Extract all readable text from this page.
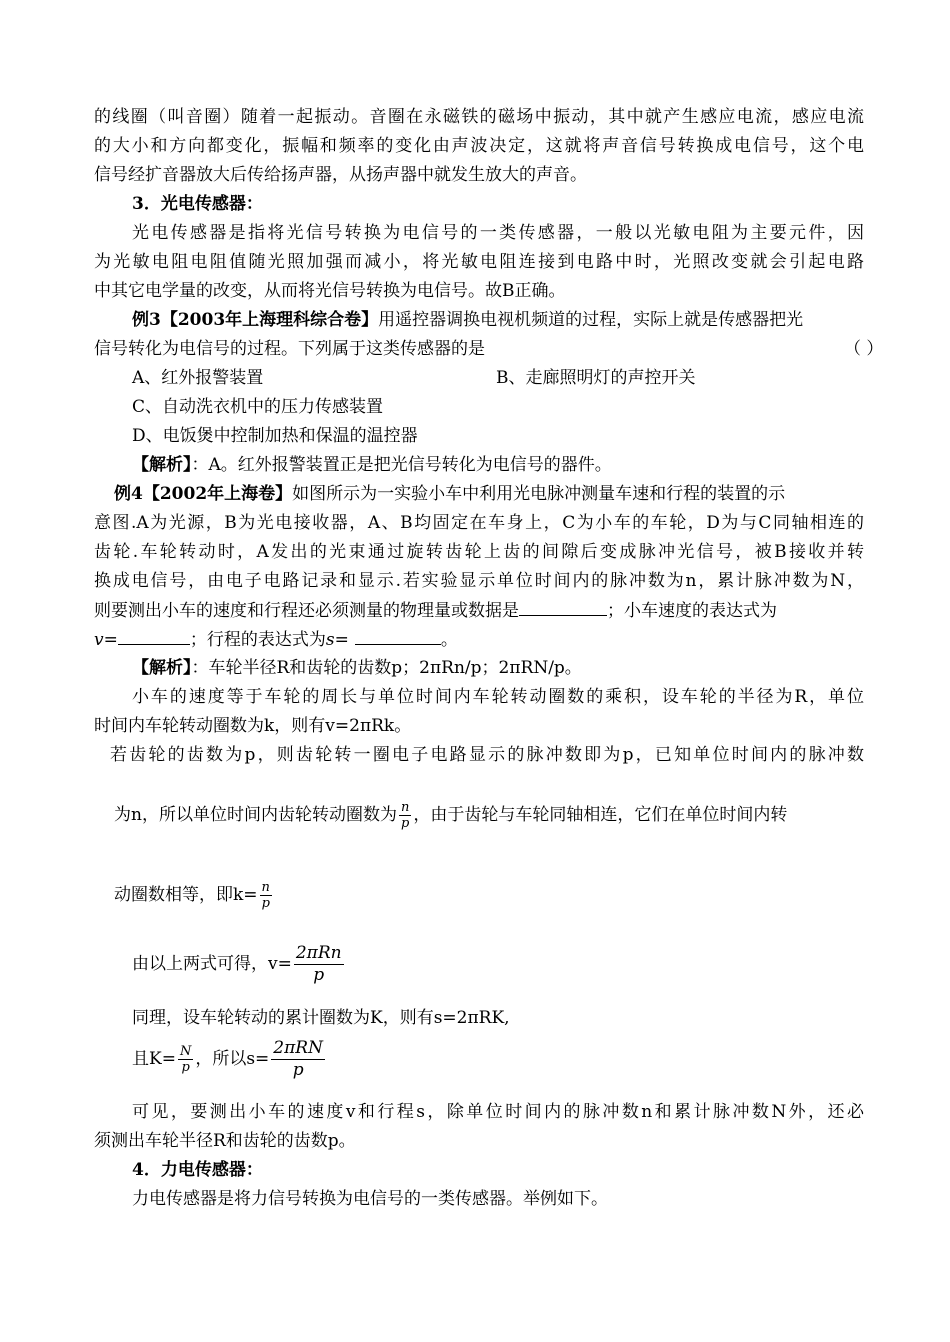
的线圈（叫音圈）随着一起振动。音圈在永磁铁的磁场中振动，其中就产生感应电流，感应电流
的大小和方向都变化，振幅和频率的变化由声波决定，这就将声音信号转换成电信号，这个电
信号经扩音器放大后传给扬声器，从扬声器中就发生放大的声音。
3．光电传感器：
光电传感器是指将光信号转换为电信号的一类传感器，一般以光敏电阻为主要元件，因
为光敏电阻电阻值随光照加强而减小，将光敏电阻连接到电路中时，光照改变就会引起电路
中其它电学量的改变，从而将光信号转换为电信号。故B正确。
例3【2003年上海理科综合卷】用遥控器调换电视机频道的过程，实际上就是传感器把光
信号转化为电信号的过程。下列属于这类传感器的是	（ ）
A、红外报警装置	B、走廊照明灯的声控开关
C、自动洗衣机中的压力传感装置
D、电饭煲中控制加热和保温的温控器
【解析】：A。红外报警装置正是把光信号转化为电信号的器件。
例4【2002年上海卷】如图所示为一实验小车中利用光电脉冲测量车速和行程的装置的示
意图.A为光源，B为光电接收器，A、B均固定在车身上，C为小车的车轮，D为与C同轴相连的
齿轮.车轮转动时，A发出的光束通过旋转齿轮上齿的间隙后变成脉冲光信号，被B接收并转
换成电信号，由电子电路记录和显示.若实验显示单位时间内的脉冲数为n，累计脉冲数为N，
则要测出小车的速度和行程还必须测量的物理量或数据是	；小车速度的表达式为
v=	；行程的表达式为s=	。
【解析】：车轮半径R和齿轮的齿数p；2πRn/p；2πRN/p。
小车的速度等于车轮的周长与单位时间内车轮转动圈数的乘积，设车轮的半径为R，单位
时间内车轮转动圈数为k，则有v=2πRk。
若齿轮的齿数为p，则齿轮转一圈电子电路显示的脉冲数即为p，已知单位时间内的脉冲数
为n，所以单位时间内齿轮转动圈数为 $\frac{n}{p}$ ，由于齿轮与车轮同轴相连，它们在单位时间内转
动圈数相等，即$k= \frac{n}{p}$
由以上两式可得，$v= \frac{\text{2πRn}}{p}$
同理，设车轮转动的累计圈数为K，则有s=2πRK,
且$K= \frac{N}{p}$ ，所以$s= \frac{\text{2πRN}}{p}$
可见，要测出小车的速度v和行程s，除单位时间内的脉冲数n和累计脉冲数N外，还必
须测出车轮半径R和齿轮的齿数p。
4．力电传感器：
力电传感器是将力信号转换为电信号的一类传感器。举例如下。
